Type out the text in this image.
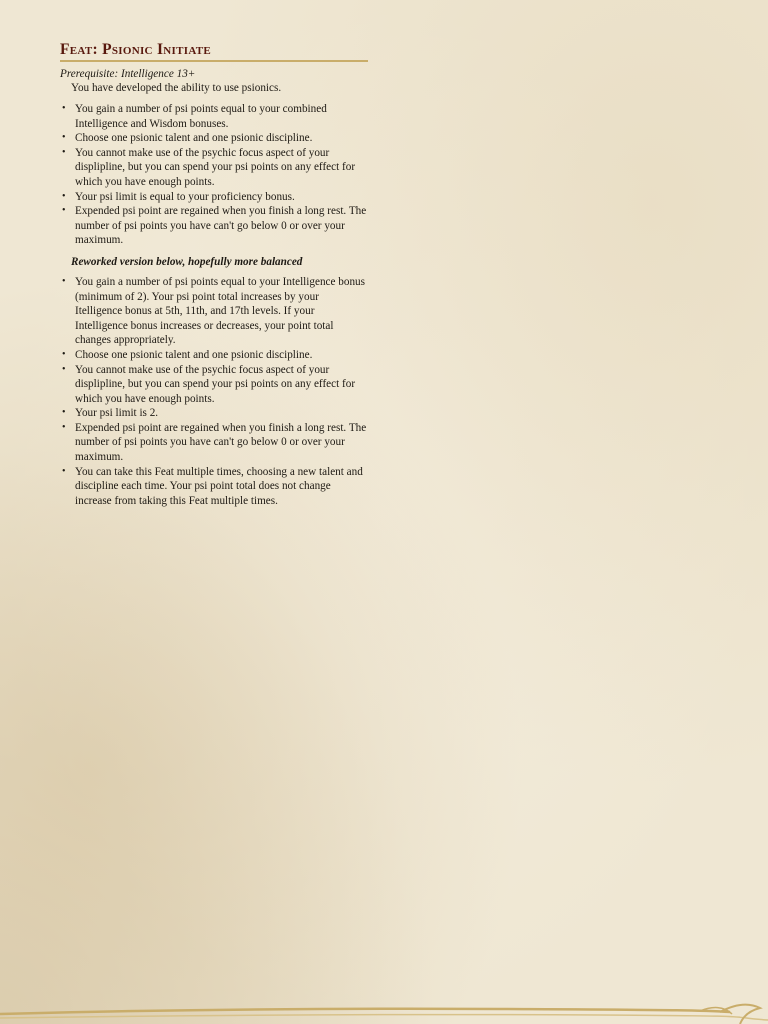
Feat: Psionic Initiate

Prerequisite: Intelligence 13+

You have developed the ability to use psionics.

• You gain a number of psi points equal to your combined Intelligence and Wisdom bonuses.
• Choose one psionic talent and one psionic discipline.
• You cannot make use of the psychic focus aspect of your displipline, but you can spend your psi points on any effect for which you have enough points.
• Your psi limit is equal to your proficiency bonus.
• Expended psi point are regained when you finish a long rest. The number of psi points you have can't go below 0 or over your maximum.

Reworked version below, hopefully more balanced

• You gain a number of psi points equal to your Intelligence bonus (minimum of 2). Your psi point total increases by your Itelligence bonus at 5th, 11th, and 17th levels. If your Intelligence bonus increases or decreases, your point total changes appropriately.
• Choose one psionic talent and one psionic discipline.
• You cannot make use of the psychic focus aspect of your displipline, but you can spend your psi points on any effect for which you have enough points.
• Your psi limit is 2.
• Expended psi point are regained when you finish a long rest. The number of psi points you have can't go below 0 or over your maximum.
• You can take this Feat multiple times, choosing a new talent and discipline each time. Your psi point total does not change increase from taking this Feat multiple times.
